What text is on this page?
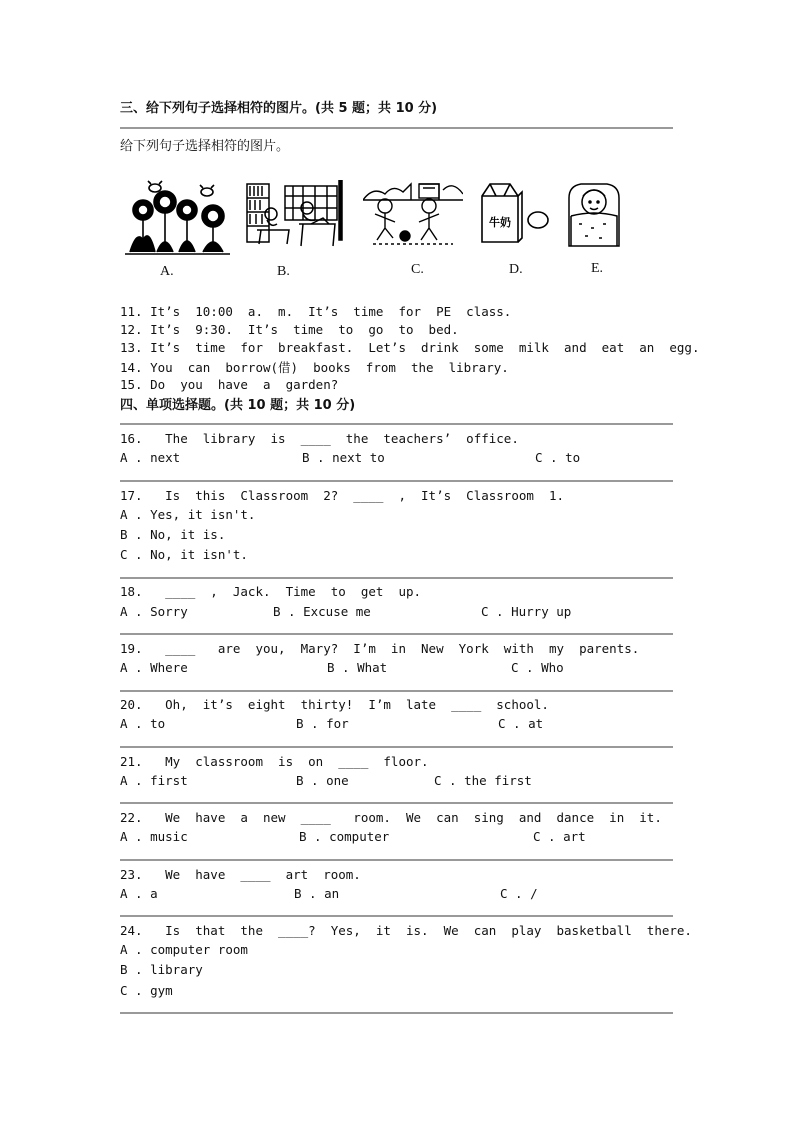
三、给下列句子选择相符的图片。(共 5 题；共 10 分)
给下列句子选择相符的图片。
A.	B.	C.
牛奶
D.	E.
11. It’s  10:00  a.  m.  It’s  time  for  PE  class.
12. It’s  9:30.  It’s  time  to  go  to  bed.
13. It’s  time  for  breakfast.  Let’s  drink  some  milk  and  eat  an  egg.
14. You  can  borrow(借)  books  from  the  library.
15. Do  you  have  a  garden?
四、单项选择题。(共 10 题；共 10 分)
16.   The  library  is  ____  the  teachers’  office.
A . next	B . next to	C . to
17.   Is  this  Classroom  2?  ____  ,  It’s  Classroom  1.
A . Yes, it isn't.
B . No, it is.
C . No, it isn't.
18.   ____  ,  Jack.  Time  to  get  up.
A . Sorry	B . Excuse me	C . Hurry up
19.   ____   are  you,  Mary?  I’m  in  New  York  with  my  parents.
A . Where	B . What	C . Who
20.   Oh,  it’s  eight  thirty!  I’m  late  ____  school.
A . to	B . for	C . at
21.   My  classroom  is  on  ____  floor.
A . first	B . one	C . the first
22.   We  have  a  new  ____   room.  We  can  sing  and  dance  in  it.
A . music	B . computer	C . art
23.   We  have  ____  art  room.
A . a	B . an	C . /
24.   Is  that  the  ____?  Yes,  it  is.  We  can  play  basketball  there.
A . computer room
B . library
C . gym
